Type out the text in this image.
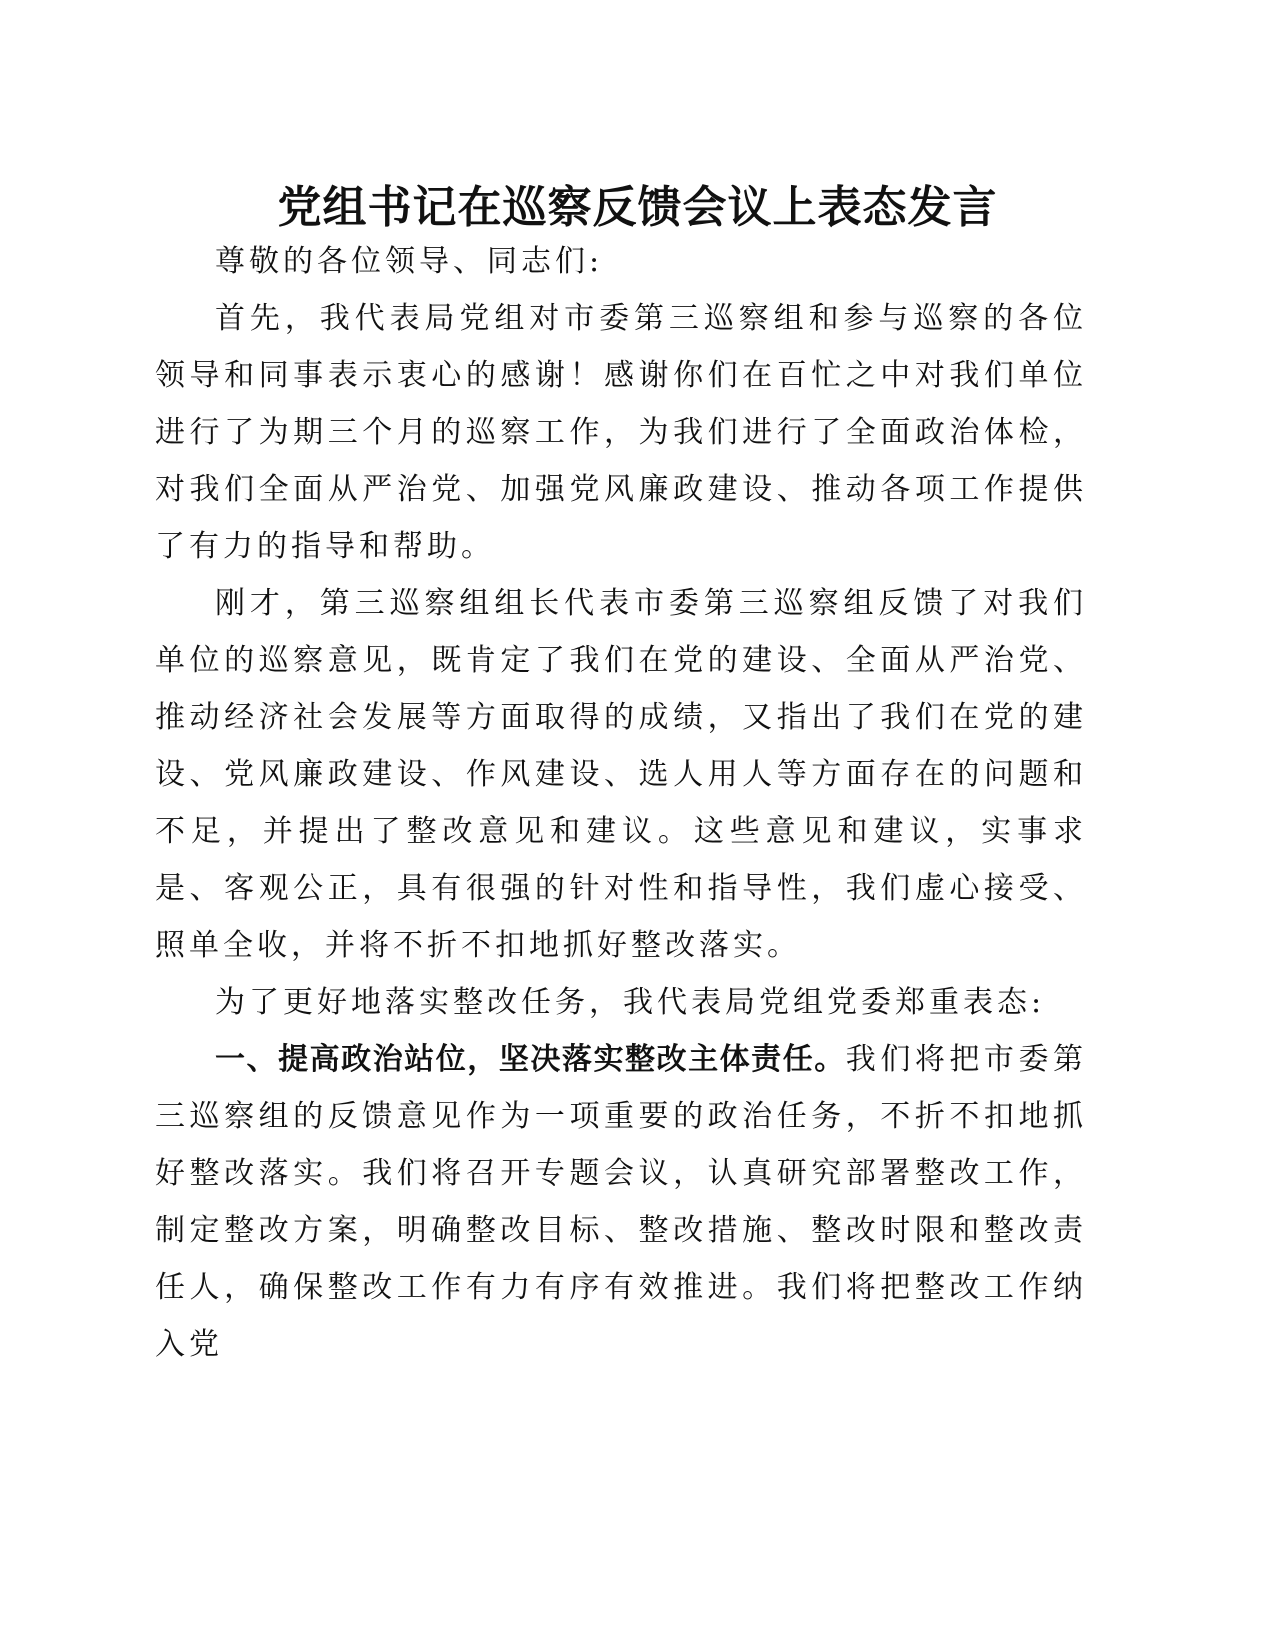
党组书记在巡察反馈会议上表态发言

尊敬的各位领导、同志们:

首先，我代表局党组对市委第三巡察组和参与巡察的各位领导和同事表示衷心的感谢！感谢你们在百忙之中对我们单位进行了为期三个月的巡察工作，为我们进行了全面政治体检，对我们全面从严治党、加强党风廉政建设、推动各项工作提供了有力的指导和帮助。

刚才，第三巡察组组长代表市委第三巡察组反馈了对我们单位的巡察意见，既肯定了我们在党的建设、全面从严治党、推动经济社会发展等方面取得的成绩，又指出了我们在党的建设、党风廉政建设、作风建设、选人用人等方面存在的问题和不足，并提出了整改意见和建议。这些意见和建议，实事求是、客观公正，具有很强的针对性和指导性，我们虚心接受、照单全收，并将不折不扣地抓好整改落实。

为了更好地落实整改任务，我代表局党组党委郑重表态:

一、提高政治站位，坚决落实整改主体责任。我们将把市委第三巡察组的反馈意见作为一项重要的政治任务，不折不扣地抓好整改落实。我们将召开专题会议，认真研究部署整改工作，制定整改方案，明确整改目标、整改措施、整改时限和整改责任人，确保整改工作有力有序有效推进。我们将把整改工作纳入党
